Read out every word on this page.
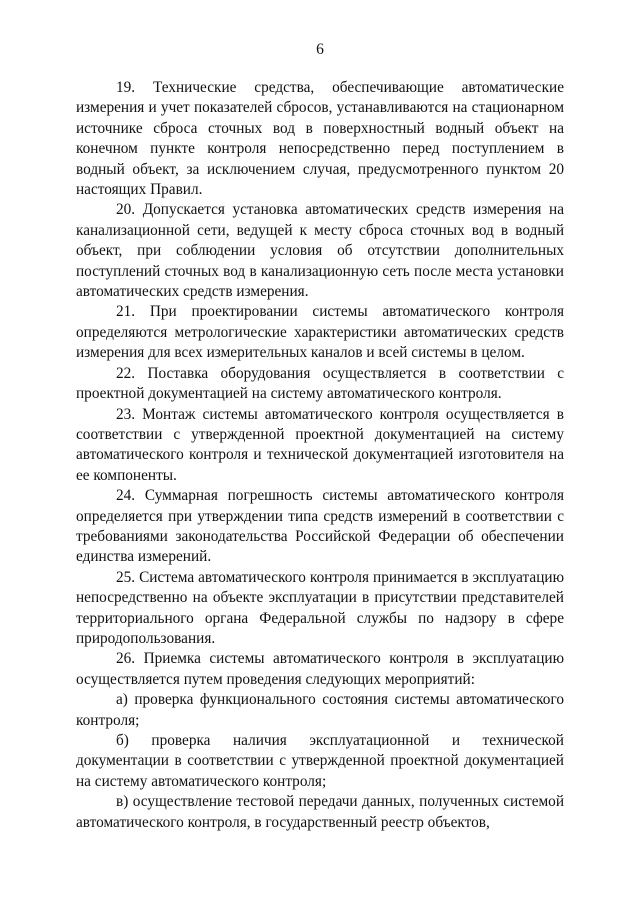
6

19. Технические средства, обеспечивающие автоматические измерения и учет показателей сбросов, устанавливаются на стационарном источнике сброса сточных вод в поверхностный водный объект на конечном пункте контроля непосредственно перед поступлением в водный объект, за исключением случая, предусмотренного пунктом 20 настоящих Правил.

20. Допускается установка автоматических средств измерения на канализационной сети, ведущей к месту сброса сточных вод в водный объект, при соблюдении условия об отсутствии дополнительных поступлений сточных вод в канализационную сеть после места установки автоматических средств измерения.

21. При проектировании системы автоматического контроля определяются метрологические характеристики автоматических средств измерения для всех измерительных каналов и всей системы в целом.

22. Поставка оборудования осуществляется в соответствии с проектной документацией на систему автоматического контроля.

23. Монтаж системы автоматического контроля осуществляется в соответствии с утвержденной проектной документацией на систему автоматического контроля и технической документацией изготовителя на ее компоненты.

24. Суммарная погрешность системы автоматического контроля определяется при утверждении типа средств измерений в соответствии с требованиями законодательства Российской Федерации об обеспечении единства измерений.

25. Система автоматического контроля принимается в эксплуатацию непосредственно на объекте эксплуатации в присутствии представителей территориального органа Федеральной службы по надзору в сфере природопользования.

26. Приемка системы автоматического контроля в эксплуатацию осуществляется путем проведения следующих мероприятий:

а) проверка функционального состояния системы автоматического контроля;

б) проверка наличия эксплуатационной и технической документации в соответствии с утвержденной проектной документацией на систему автоматического контроля;

в) осуществление тестовой передачи данных, полученных системой автоматического контроля, в государственный реестр объектов,
